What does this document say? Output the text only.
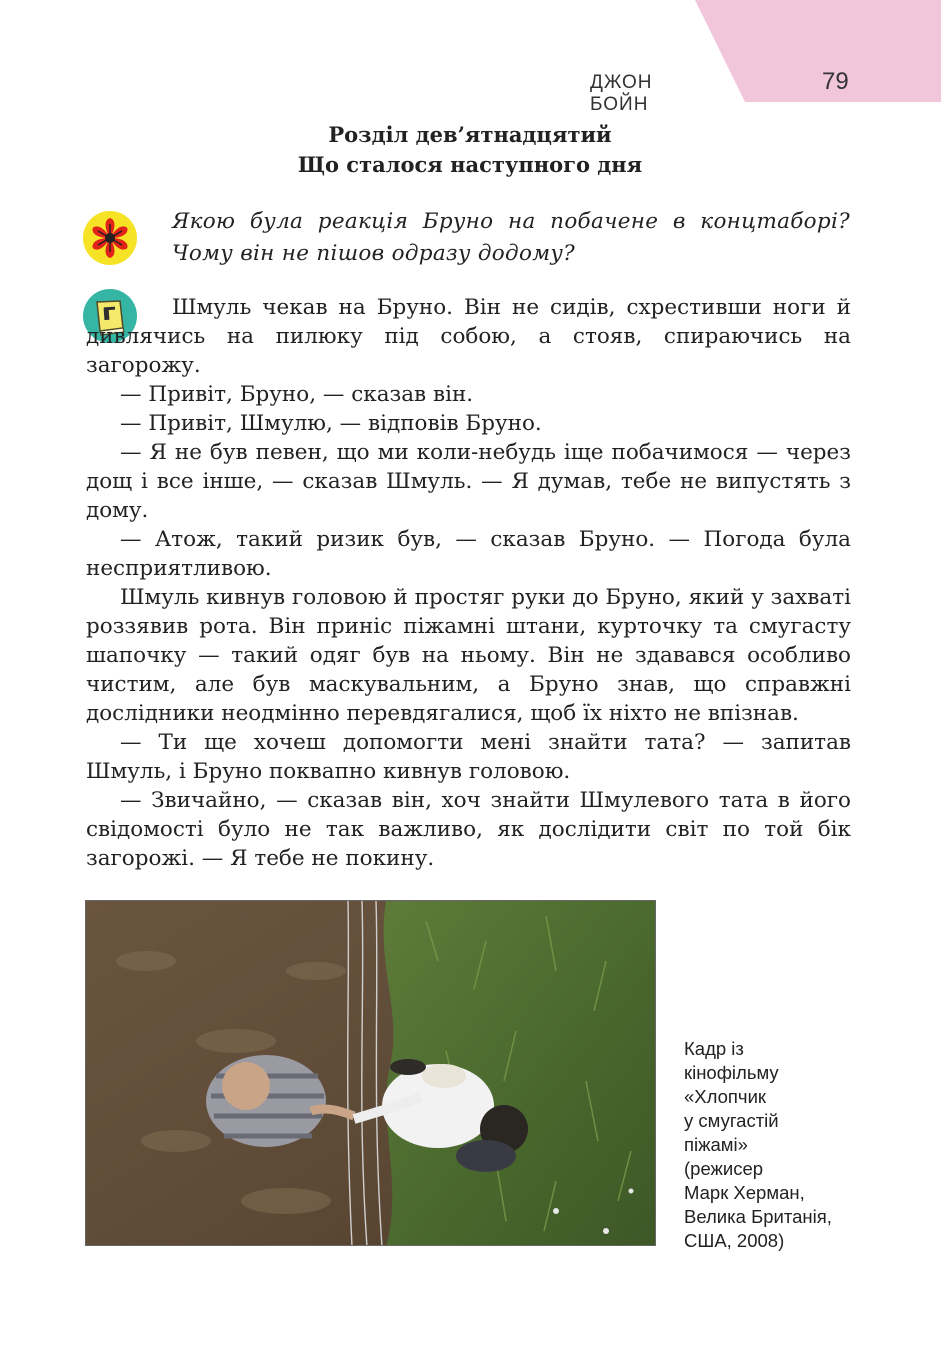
ДЖОН БОЙН
79
Розділ дев’ятнадцятий
Що сталося наступного дня
Якою була реакція Бруно на побачене в концтаборі? Чому він не пішов одразу додому?

Шмуль чекав на Бруно. Він не сидів, схрестивши ноги й дивлячись на пилюку під собою, а стояв, спираючись на загорожу.

— Привіт, Бруно, — сказав він.

— Привіт, Шмулю, — відповів Бруно.

— Я не був певен, що ми коли-небудь іще побачимося — через дощ і все інше, — сказав Шмуль. — Я думав, тебе не випустять з дому.

— Атож, такий ризик був, — сказав Бруно. — Погода була несприятливою.

Шмуль кивнув головою й простяг руки до Бруно, який у захваті роззявив рота. Він приніс піжамні штани, курточку та смугасту шапочку — такий одяг був на ньому. Він не здавався особливо чистим, але був маскувальним, а Бруно знав, що справжні дослідники неодмінно перевдягалися, щоб їх ніхто не впізнав.

— Ти ще хочеш допомогти мені знайти тата? — запитав Шмуль, і Бруно поквапно кивнув головою.

— Звичайно, — сказав він, хоч знайти Шмулевого тата в його свідомості було не так важливо, як дослідити світ по той бік загорожі. — Я тебе не покину.

Кадр із
кінофільму
«Хлопчик
у смугастій
піжамі»
(режисер
Марк Херман,
Велика Британія,
США, 2008)
